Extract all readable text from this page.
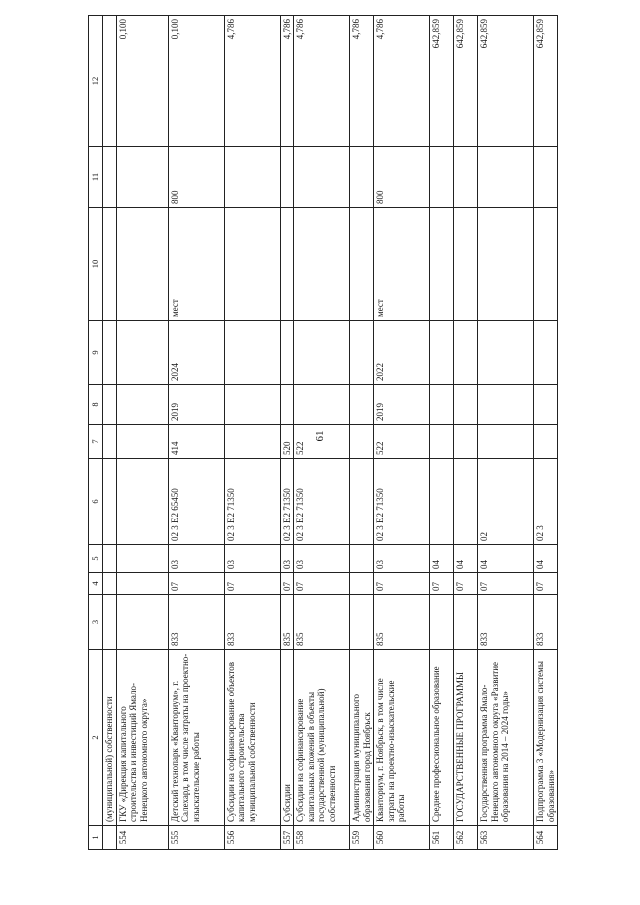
61
1	2	3	4	5	6	7	8	9	10	11	12
	(муниципальной) собственности										
554	ГКУ «Дирекция капитального строительства и инвестиций Ямало-Ненецкого автономного округа»										0,100
555	Детский технопарк «Кванториум», г. Салехард, в том числе затраты на проектно-изыскательские работы	833	07	03	02 3 E2 65450	414	2019	2024	мест	800	0,100
556	Субсидии на софинансирование объектов капитального строительства муниципальной собственности	833	07	03	02 3 E2 71350						4,786
557	Субсидии	835	07	03	02 3 E2 71350	520					4,786
558	Субсидии на софинансирование капитальных вложений в объекты государственной (муниципальной) собственности	835	07	03	02 3 E2 71350	522					4,786
559	Администрация муниципального образования город Ноябрьск										4,786
560	Кванториум, г. Ноябрьск, в том числе затраты на проектно-изыскательские работы	835	07	03	02 3 E2 71350	522	2019	2022	мест	800	4,786
561	Среднее профессиональное образование		07	04							642,859
562	ГОСУДАРСТВЕННЫЕ ПРОГРАММЫ		07	04							642,859
563	Государственная программа Ямало-Ненецкого автономного округа «Развитие образования на 2014 – 2024 годы»	833	07	04	02						642,859
564	Подпрограмма 3 «Модернизация системы образования»	833	07	04	02 3						642,859
